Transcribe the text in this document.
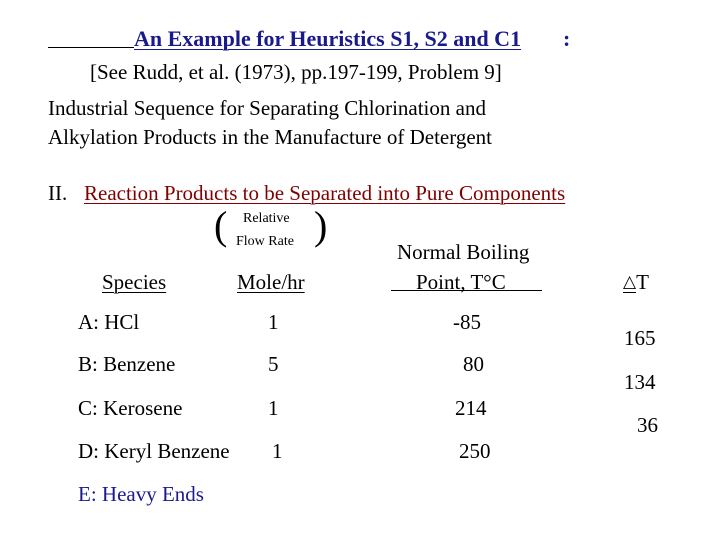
An Example for Heuristics S1, S2 and C1 :
[See Rudd, et al. (1973), pp.197-199, Problem 9]
Industrial Sequence for Separating Chlorination and
Alkylation Products in the Manufacture of Detergent
II. Reaction Products to be Separated into Pure Components
( Relative
Flow Rate )
Normal Boiling
Point, T°C
Species	Mole/hr	△T
A: HCl
B: Benzene
C: Kerosene
D: Keryl Benzene
E: Heavy Ends
1
5
1
1
-85
80
214
250
165
134
36
